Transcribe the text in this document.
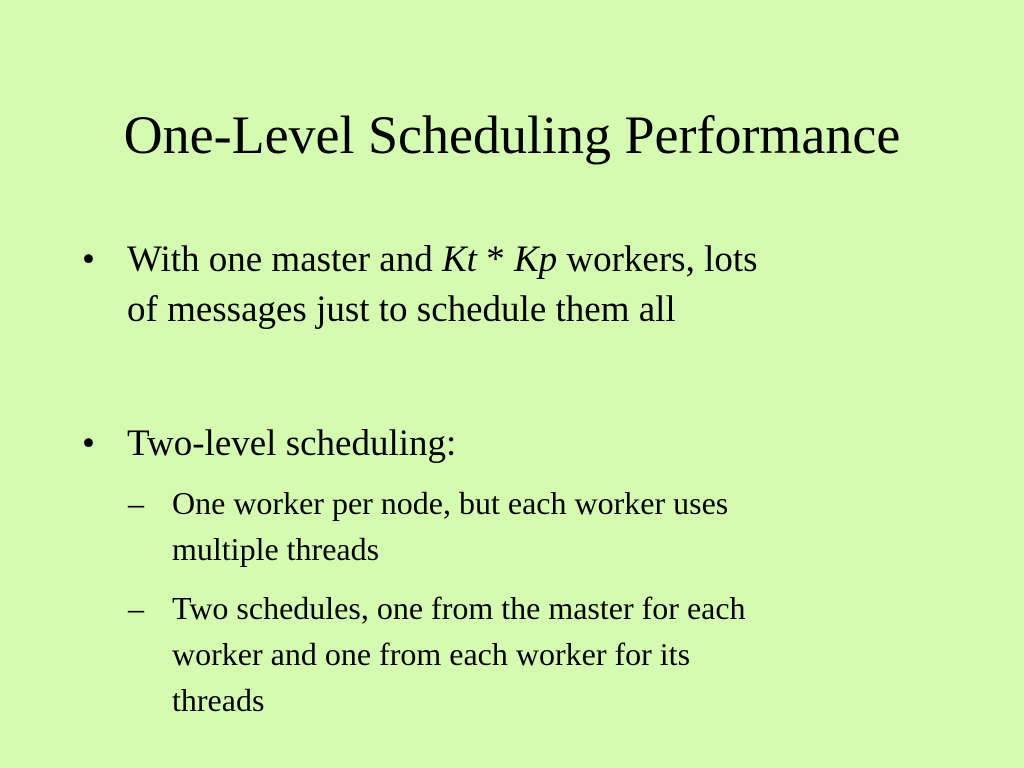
One-Level Scheduling Performance
• With one master and Kt * Kp workers, lots
of messages just to schedule them all
• Two-level scheduling:
– One worker per node, but each worker uses
multiple threads
– Two schedules, one from the master for each
worker and one from each worker for its
threads
